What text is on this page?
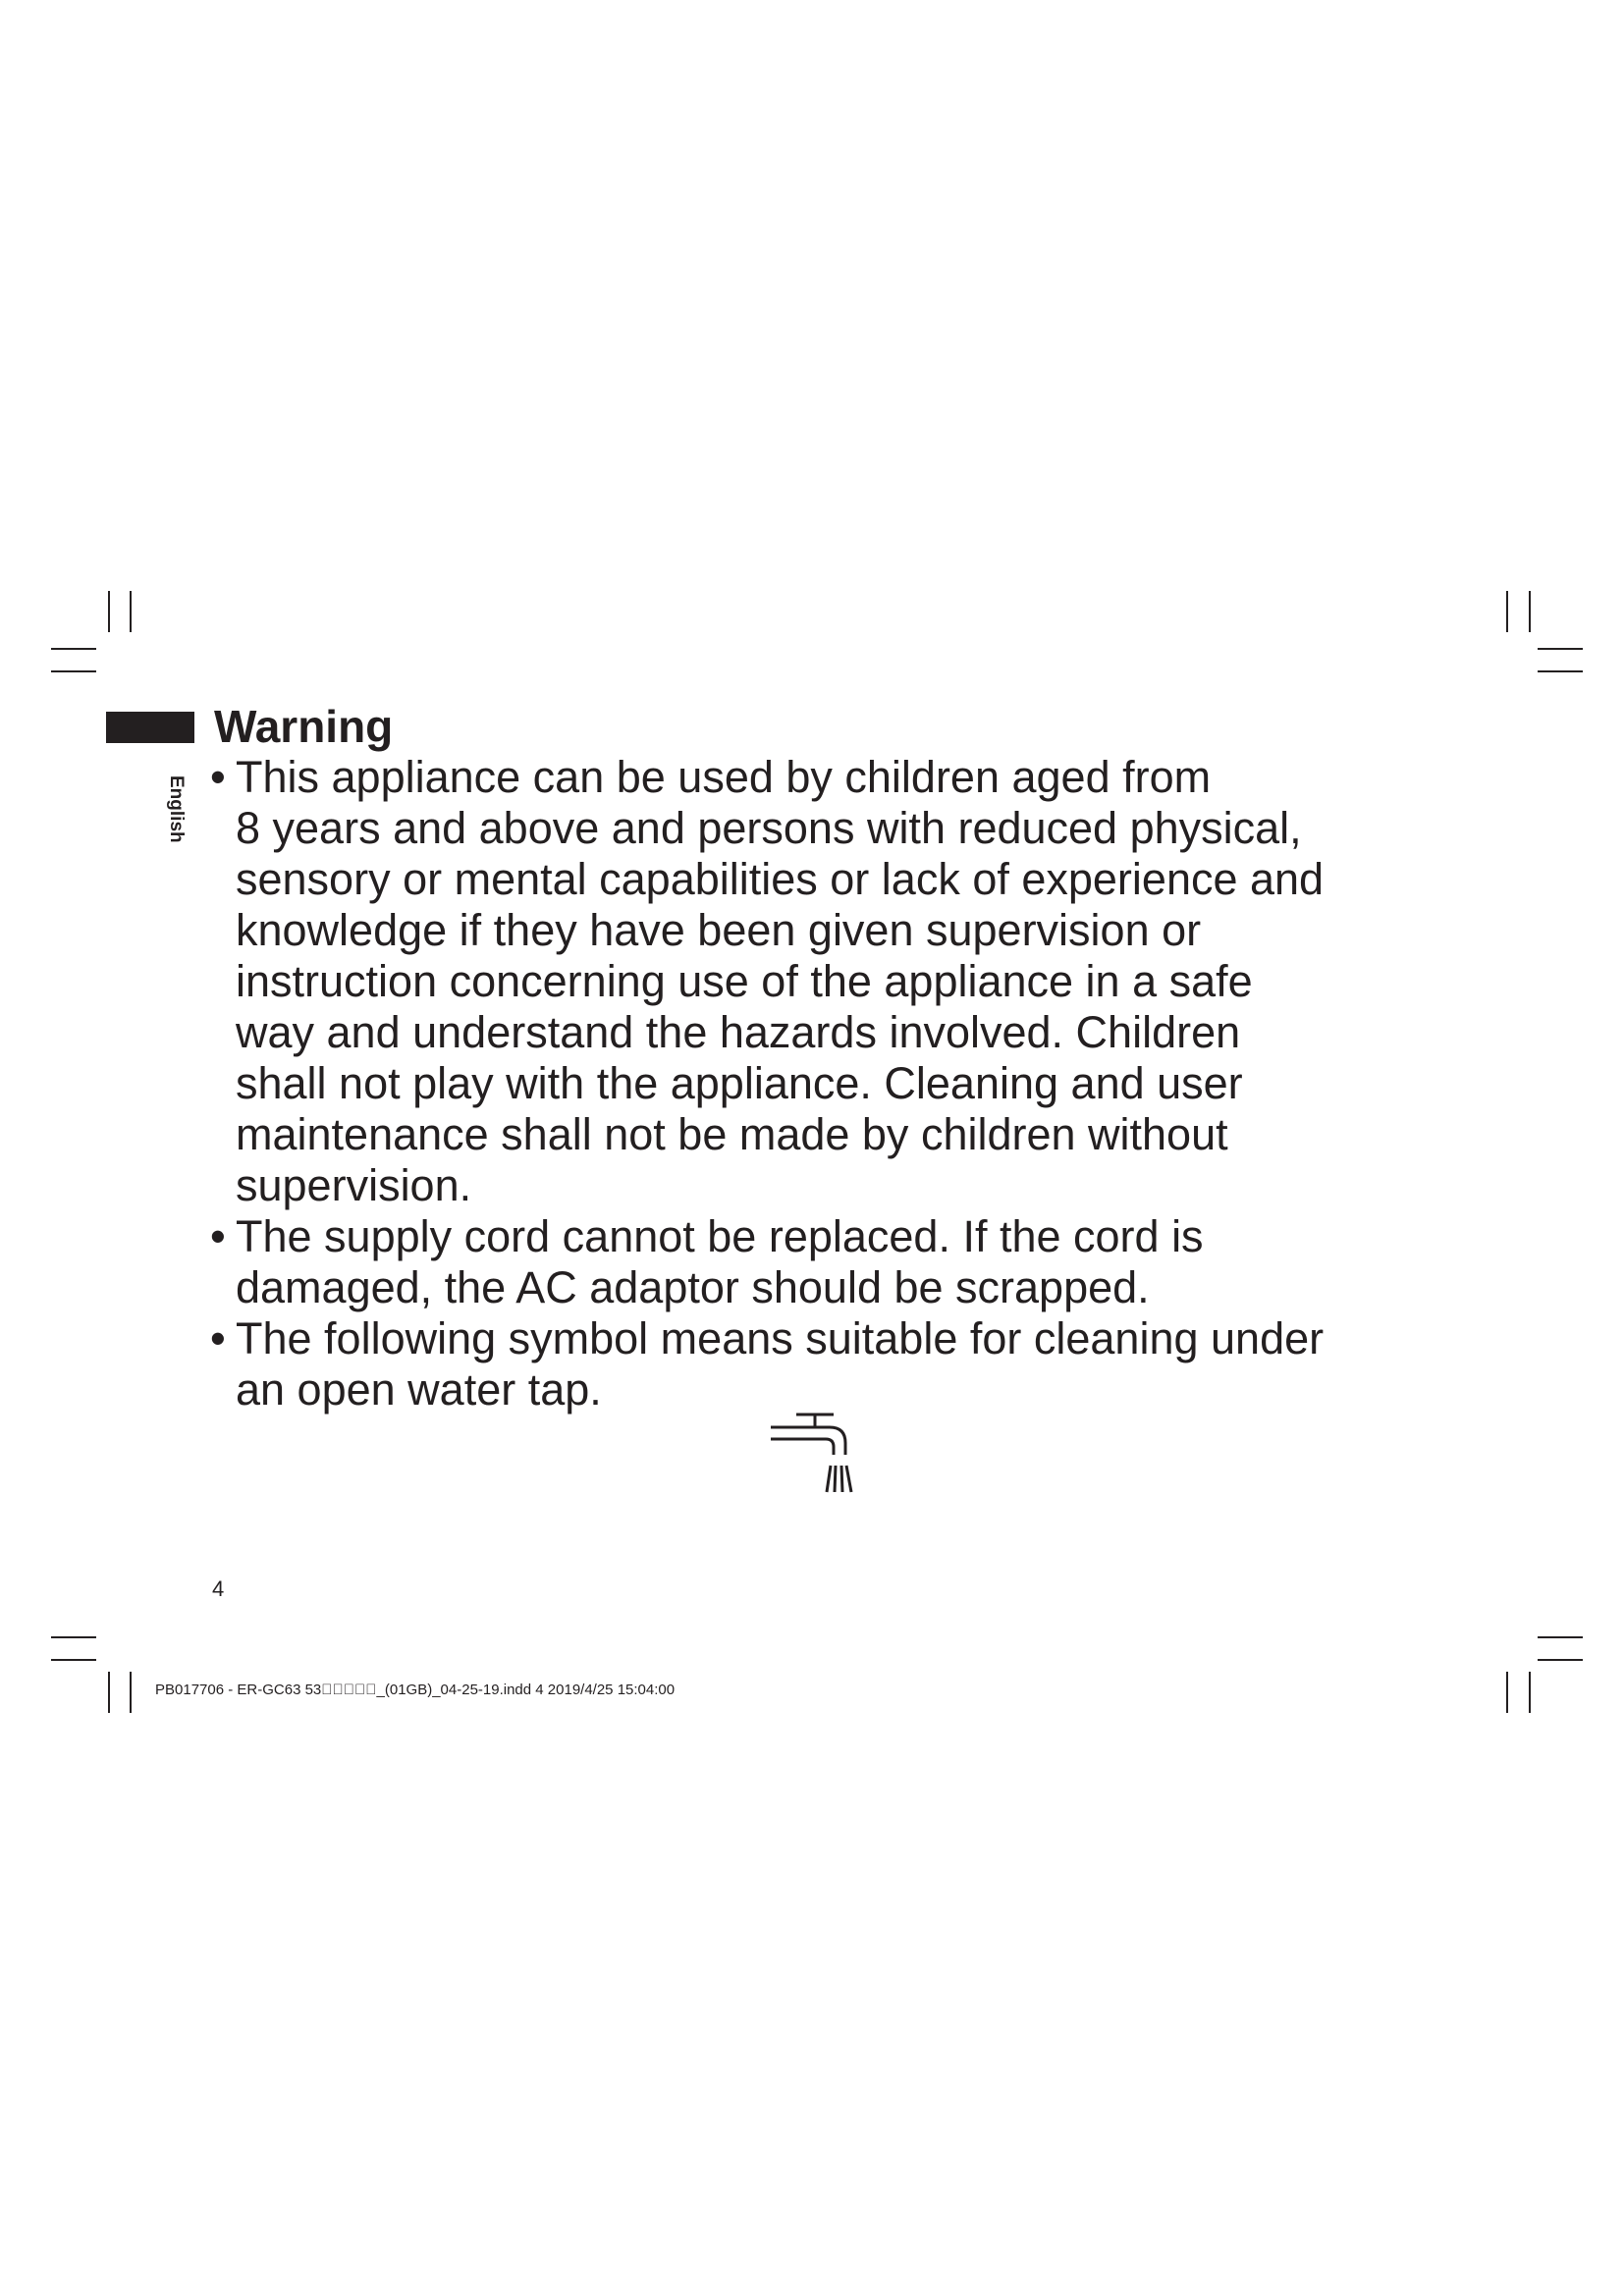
English
Warning
• This appliance can be used by children aged from
8 years and above and persons with reduced physical,
sensory or mental capabilities or lack of experience and
knowledge if they have been given supervision or
instruction concerning use of the appliance in a safe
way and understand the hazards involved. Children
shall not play with the appliance. Cleaning and user
maintenance shall not be made by children without
supervision.
• The supply cord cannot be replaced. If the cord is
damaged, the AC adaptor should be scrapped.
• The following symbol means suitable for cleaning under
an open water tap.
4
PB017706 - ER-GC63 53     _(01GB)_04-25-19.indd 4 2019/4/25 15:04:00
